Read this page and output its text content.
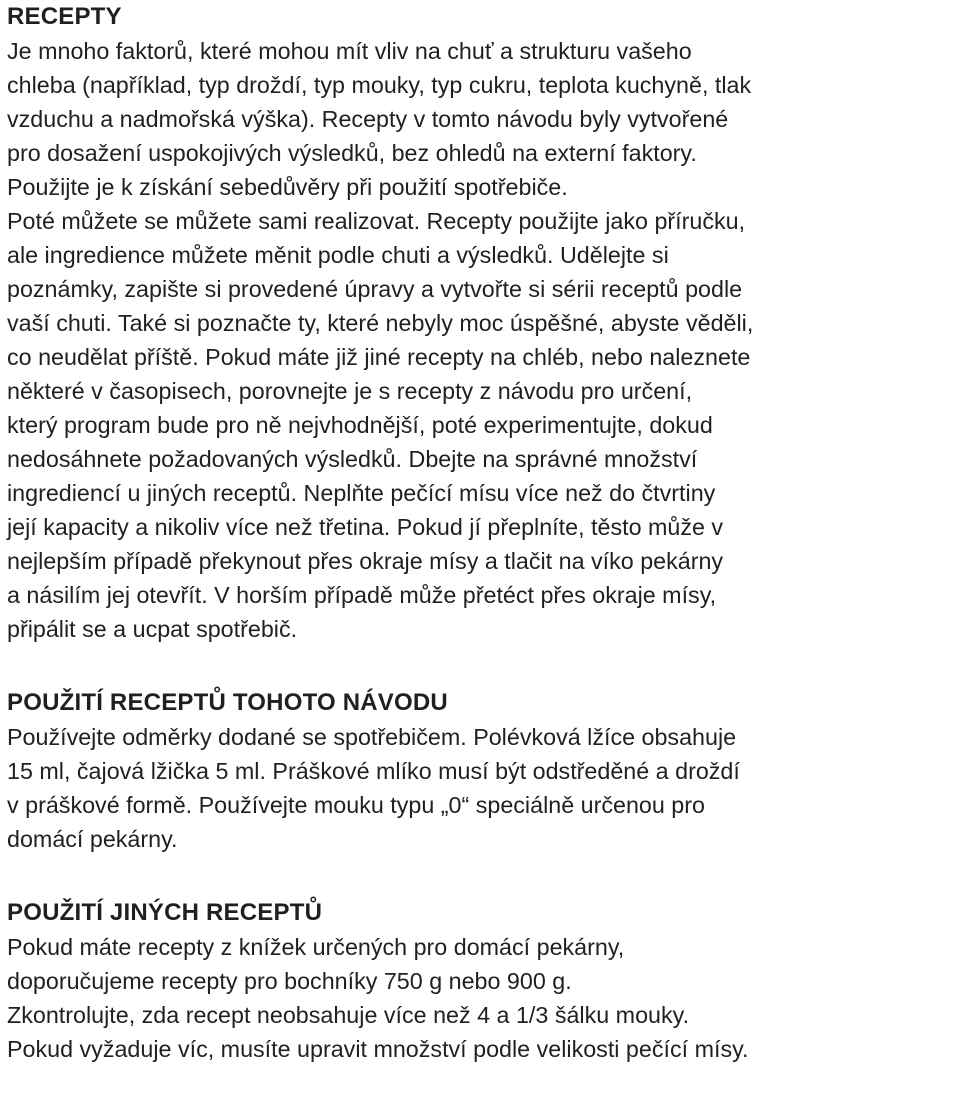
RECEPTY
Je mnoho faktorů, které mohou mít vliv na chuť a strukturu vašeho
chleba (například, typ droždí, typ mouky, typ cukru, teplota kuchyně, tlak
vzduchu a nadmořská výška). Recepty v tomto návodu byly vytvořené
pro dosažení uspokojivých výsledků, bez ohledů na externí faktory.
Použijte je k získání sebedůvěry při použití spotřebiče.
Poté můžete se můžete sami realizovat. Recepty použijte jako příručku,
ale ingredience můžete měnit podle chuti a výsledků. Udělejte si
poznámky, zapište si provedené úpravy a vytvořte si sérii receptů podle
vaší chuti. Také si poznačte ty, které nebyly moc úspěšné, abyste věděli,
co neudělat příště. Pokud máte již jiné recepty na chléb, nebo naleznete
některé v časopisech, porovnejte je s recepty z návodu pro určení,
který program bude pro ně nejvhodnější, poté experimentujte, dokud
nedosáhnete požadovaných výsledků. Dbejte na správné množství
ingrediencí u jiných receptů. Neplňte pečící mísu více než do čtvrtiny
její kapacity a nikoliv více než třetina. Pokud jí přeplníte, těsto může v
nejlepším případě překynout přes okraje mísy a tlačit na víko pekárny
a násilím jej otevřít. V horším případě může přetéct přes okraje mísy,
připálit se a ucpat spotřebič.
POUŽITÍ RECEPTŮ TOHOTO NÁVODU
Používejte odměrky dodané se spotřebičem. Polévková lžíce obsahuje
15 ml, čajová lžička 5 ml. Práškové mlíko musí být odstředěné a droždí
v práškové formě. Používejte mouku typu „0“ speciálně určenou pro
domácí pekárny.
POUŽITÍ JINÝCH RECEPTŮ
Pokud máte recepty z knížek určených pro domácí pekárny,
doporučujeme recepty pro bochníky 750 g nebo 900 g.
Zkontrolujte, zda recept neobsahuje více než 4 a 1/3 šálku mouky.
Pokud vyžaduje víc, musíte upravit množství podle velikosti pečící mísy.
